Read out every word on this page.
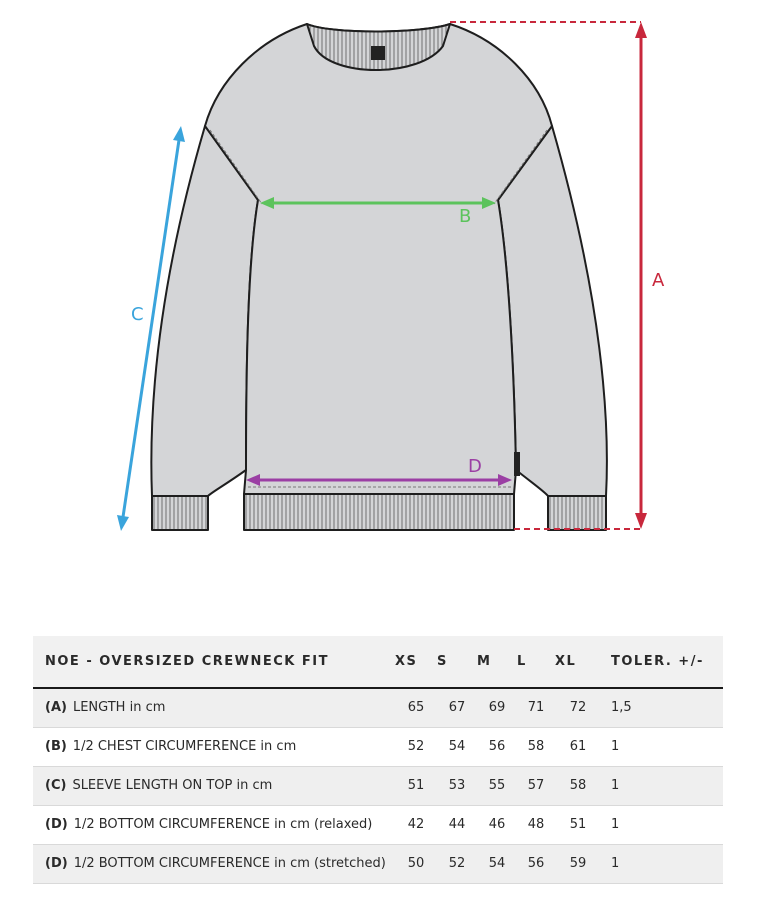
A
B
C
D
NOE - OVERSIZED CREWNECK FIT	XS	S	M	L	XL	TOLER. +/-
(A) LENGTH in cm	65	67	69	71	72	1,5
(B) 1/2 CHEST CIRCUMFERENCE in cm	52	54	56	58	61	1
(C) SLEEVE LENGTH ON TOP in cm	51	53	55	57	58	1
(D) 1/2 BOTTOM CIRCUMFERENCE in cm (relaxed)	42	44	46	48	51	1
(D) 1/2 BOTTOM CIRCUMFERENCE in cm (stretched)	50	52	54	56	59	1
